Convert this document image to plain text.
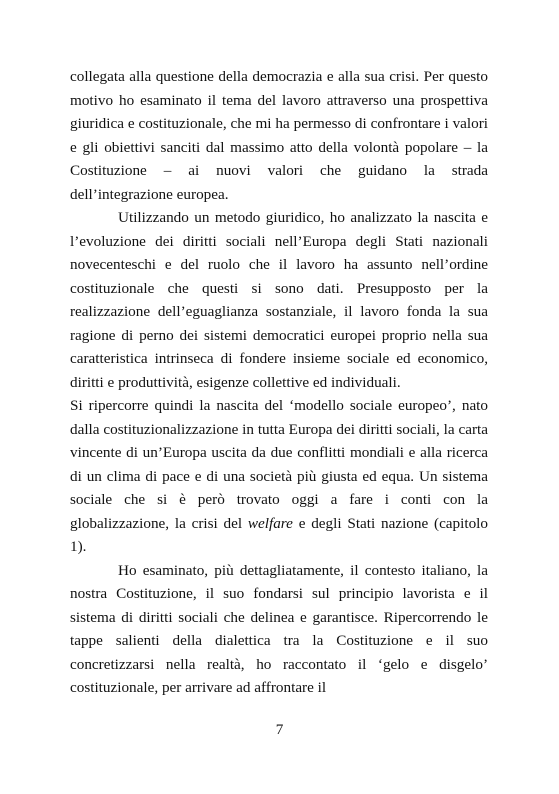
collegata alla questione della democrazia e alla sua crisi. Per questo motivo ho esaminato il tema del lavoro attraverso una prospettiva giuridica e costituzionale, che mi ha permesso di confrontare i valori e gli obiettivi sanciti dal massimo atto della volontà popolare – la Costituzione – ai nuovi valori che guidano la strada dell’integrazione europea.

Utilizzando un metodo giuridico, ho analizzato la nascita e l’evoluzione dei diritti sociali nell’Europa degli Stati nazionali novecenteschi e del ruolo che il lavoro ha assunto nell’ordine costituzionale che questi si sono dati. Presupposto per la realizzazione dell’eguaglianza sostanziale, il lavoro fonda la sua ragione di perno dei sistemi democratici europei proprio nella sua caratteristica intrinseca di fondere insieme sociale ed economico, diritti e produttività, esigenze collettive ed individuali.

Si ripercorre quindi la nascita del ‘modello sociale europeo’, nato dalla costituzionalizzazione in tutta Europa dei diritti sociali, la carta vincente di un’Europa uscita da due conflitti mondiali e alla ricerca di un clima di pace e di una società più giusta ed equa. Un sistema sociale che si è però trovato oggi a fare i conti con la globalizzazione, la crisi del welfare e degli Stati nazione (capitolo 1).

Ho esaminato, più dettagliatamente, il contesto italiano, la nostra Costituzione, il suo fondarsi sul principio lavorista e il sistema di diritti sociali che delinea e garantisce. Ripercorrendo le tappe salienti della dialettica tra la Costituzione e il suo concretizzarsi nella realtà, ho raccontato il ‘gelo e disgelo’ costituzionale, per arrivare ad affrontare il

7
